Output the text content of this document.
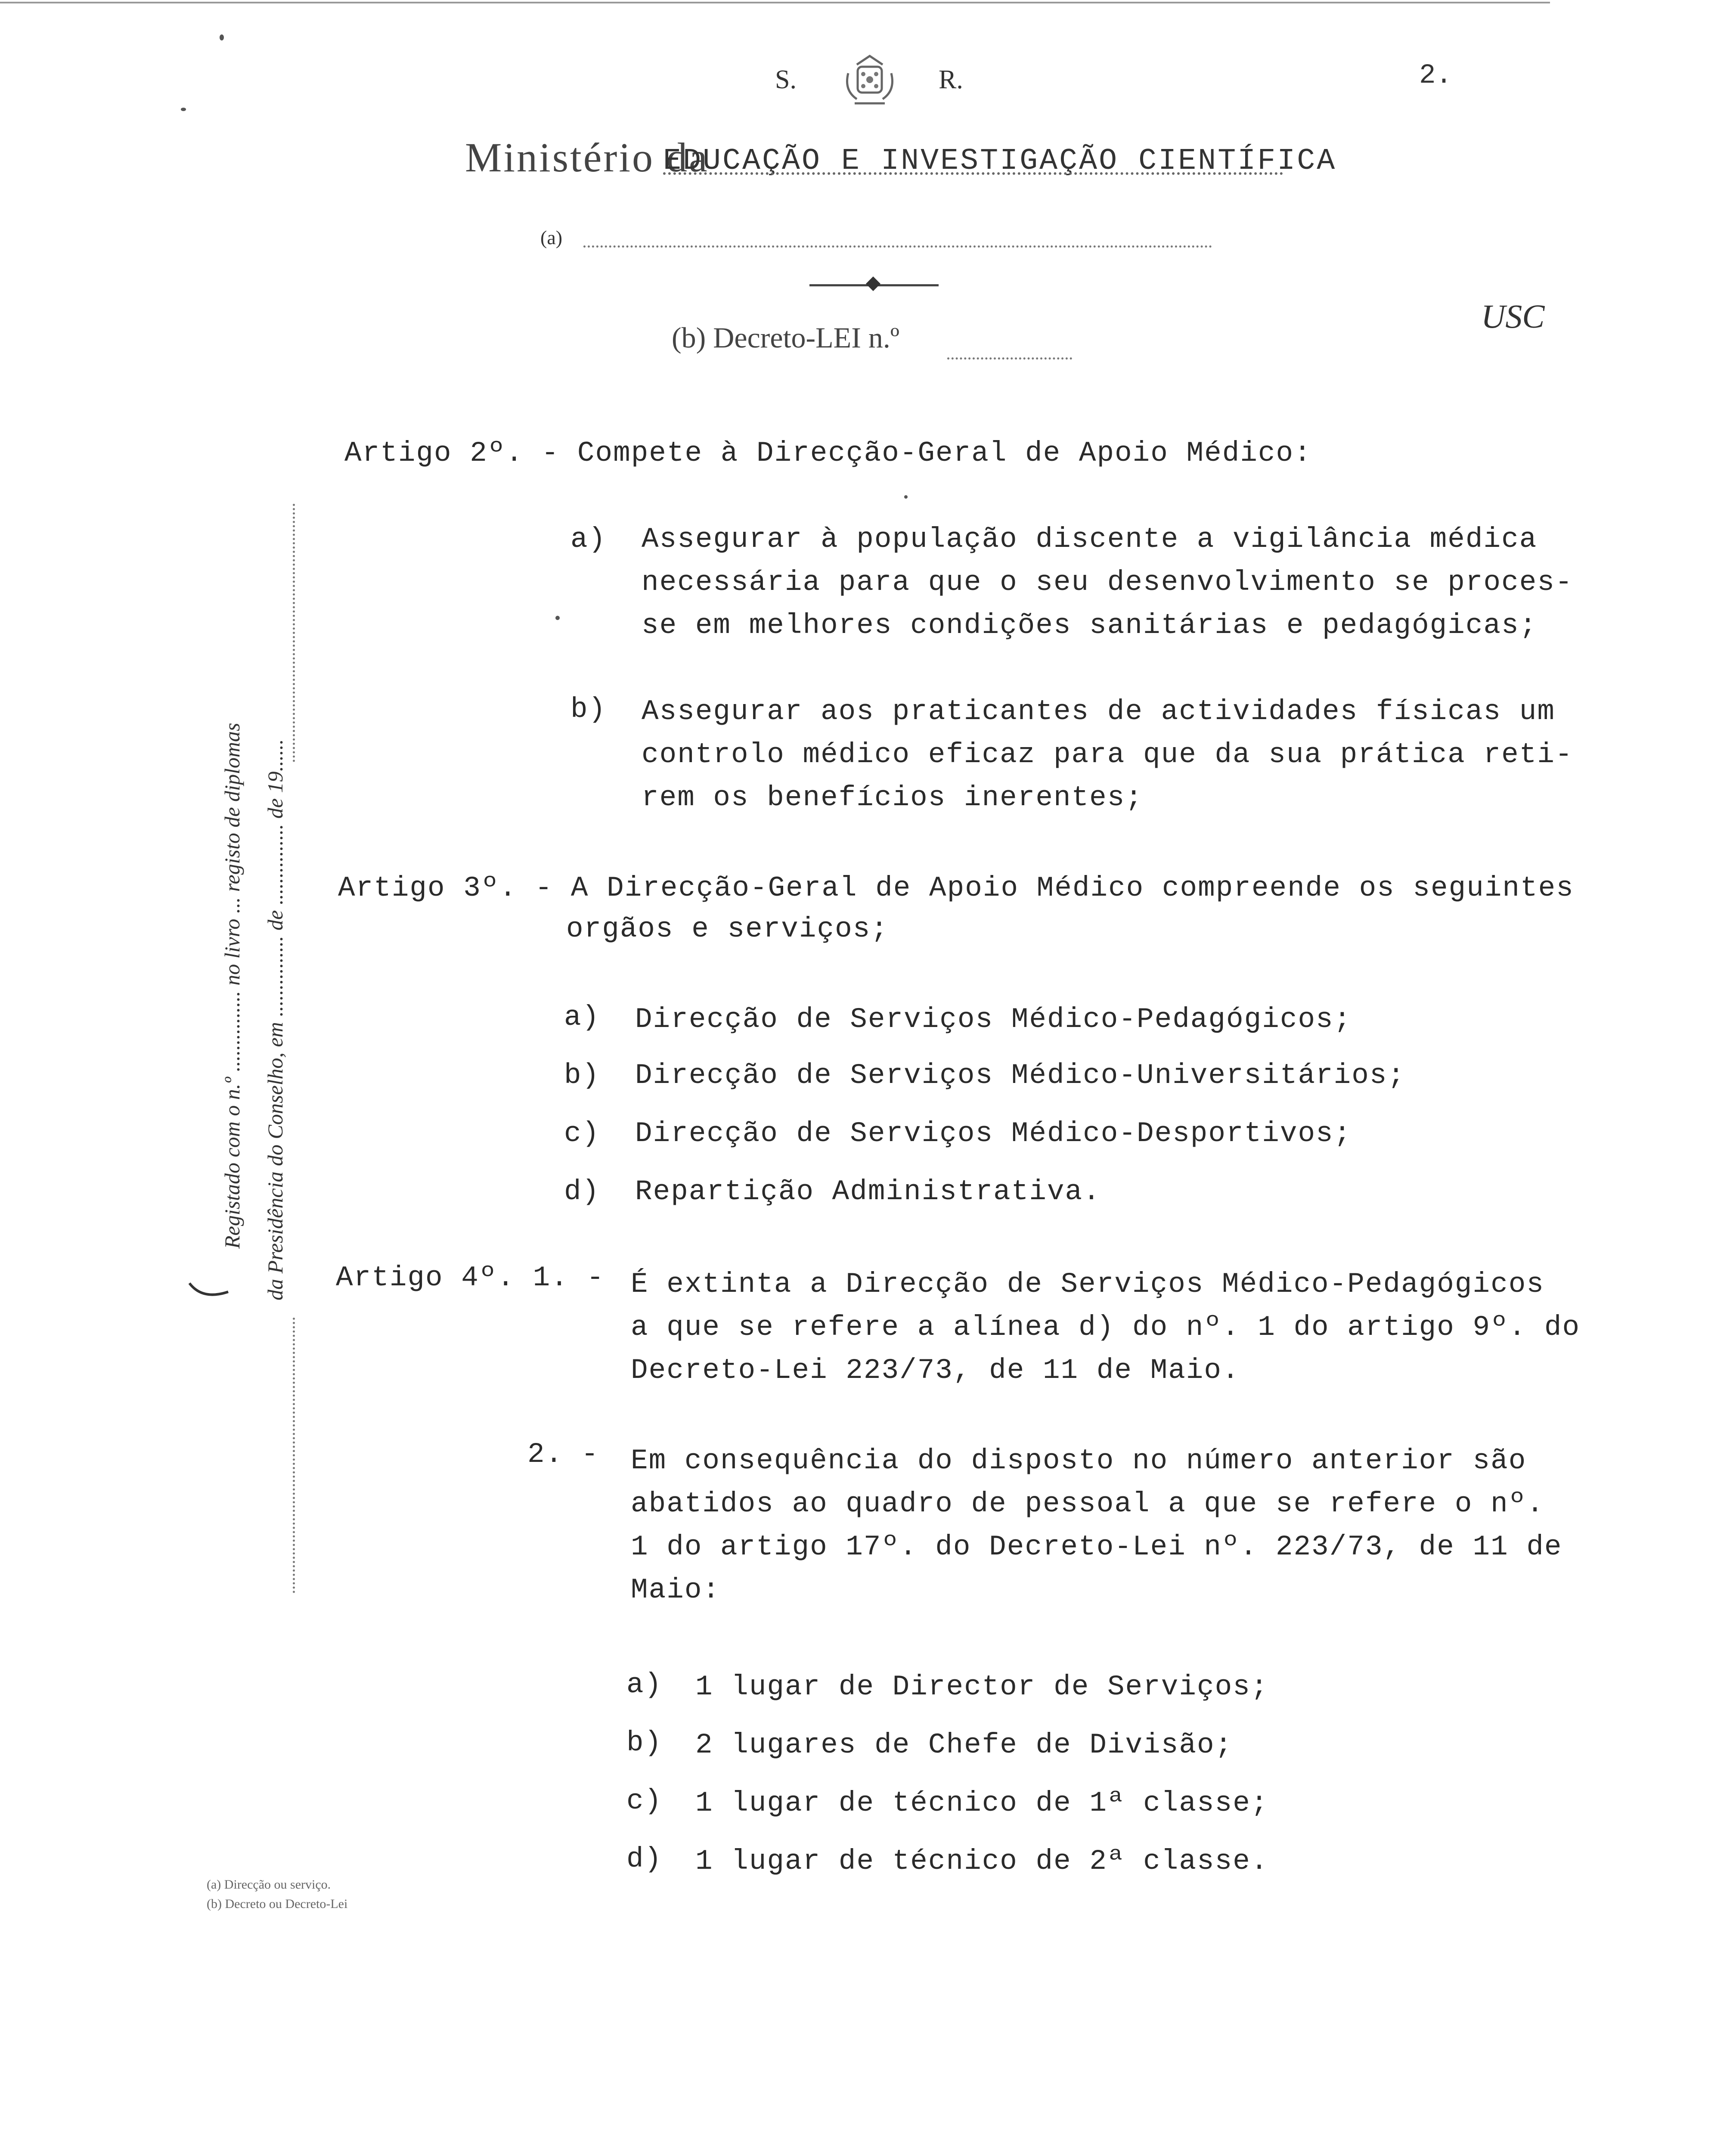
S.	R.	2.
Ministério da
EDUCAÇÃO E INVESTIGAÇÃO CIENTÍFICA
(a)
(b) Decreto-LEI n.º
USC
Registado com o n.º ............... no livro ... registo de diplomas da Presidência do Conselho, em ............... de ............... de 19......
Artigo 2º. - Compete à Direcção-Geral de Apoio Médico:
a) Assegurar à população discente a vigilância médica
necessária para que o seu desenvolvimento se proces-
se em melhores condições sanitárias e pedagógicas;
b) Assegurar aos praticantes de actividades físicas um
controlo médico eficaz para que da sua prática reti-
rem os benefícios inerentes;
Artigo 3º. - A Direcção-Geral de Apoio Médico compreende os seguintes
orgãos e serviços;
a) Direcção de Serviços Médico-Pedagógicos;
b) Direcção de Serviços Médico-Universitários;
c) Direcção de Serviços Médico-Desportivos;
d) Repartição Administrativa.
Artigo 4º. 1. - É extinta a Direcção de Serviços Médico-Pedagógicos
a que se refere a alínea d) do nº. 1 do artigo 9º. do
Decreto-Lei 223/73, de 11 de Maio.
2. - Em consequência do disposto no número anterior são
abatidos ao quadro de pessoal a que se refere o nº.
1 do artigo 17º. do Decreto-Lei nº. 223/73, de 11 de
Maio:
a) 1 lugar de Director de Serviços;
b) 2 lugares de Chefe de Divisão;
c) 1 lugar de técnico de 1ª classe;
d) 1 lugar de técnico de 2ª classe.
(a) Direcção ou serviço.
(b) Decreto ou Decreto-Lei
